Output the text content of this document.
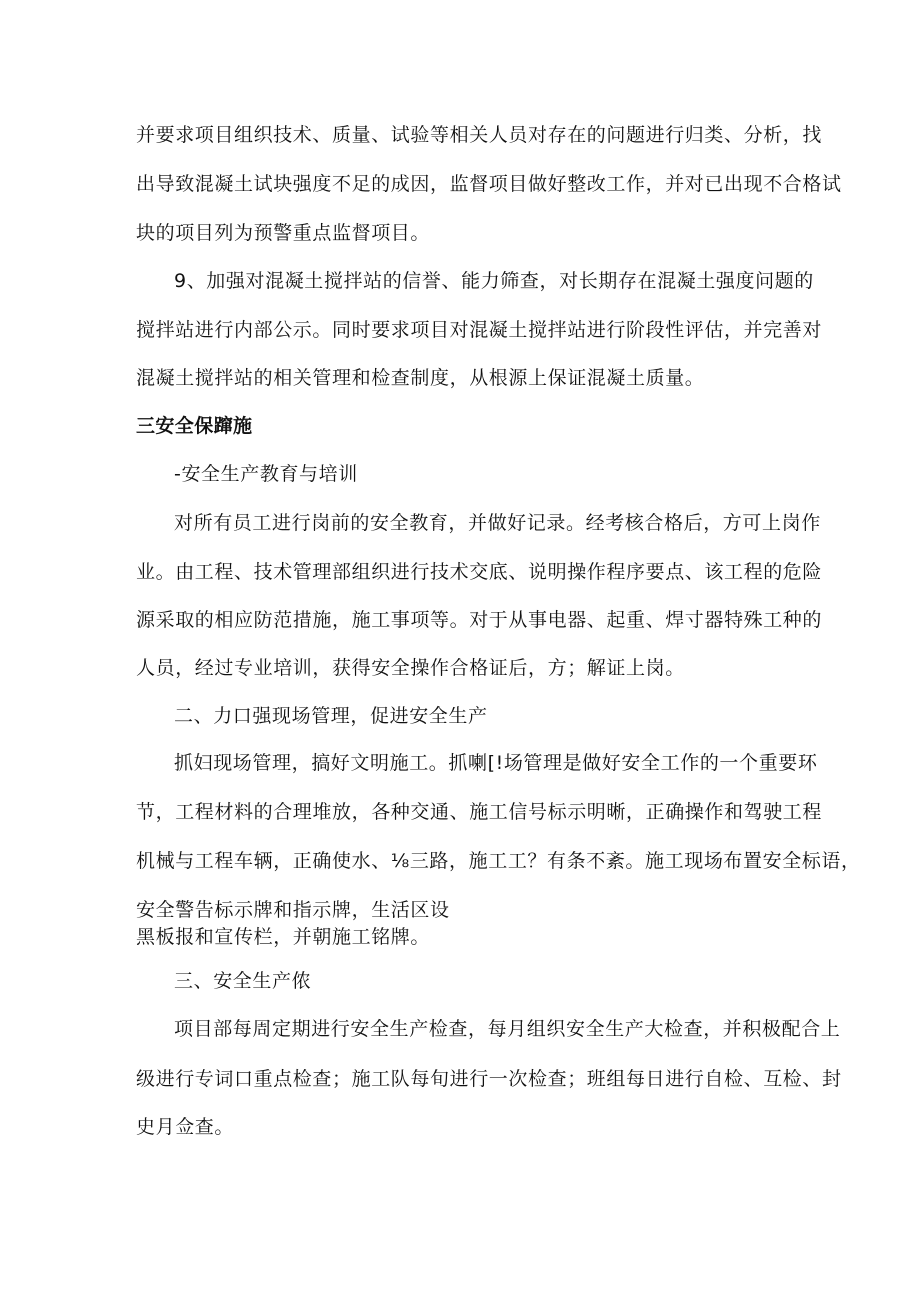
并要求项目组织技术、质量、试验等相关人员对存在的问题进行归类、分析，找
出导致混凝土试块强度不足的成因，监督项目做好整改工作，并对已出现不合格试
块的项目列为预警重点监督项目。
9、加强对混凝土搅拌站的信誉、能力筛查，对长期存在混凝土强度问题的
搅拌站进行内部公示。同时要求项目对混凝土搅拌站进行阶段性评估，并完善对
混凝土搅拌站的相关管理和检查制度，从根源上保证混凝土质量。
三安全保蹿施
-安全生产教育与培训
对所有员工进行岗前的安全教育，并做好记录。经考核合格后，方可上岗作
业。由工程、技术管理部组织进行技术交底、说明操作程序要点、该工程的危险
源采取的相应防范措施，施工事项等。对于从事电器、起重、焊寸器特殊工种的
人员，经过专业培训，获得安全操作合格证后，方；解证上岗。
二、力口强现场管理，促进安全生产
抓妇现场管理，搞好文明施工。抓喇[!场管理是做好安全工作的一个重要环
节，工程材料的合理堆放，各种交通、施工信号标示明晰，正确操作和驾驶工程
机械与工程车辆，正确使水、⅛三路，施工工？有条不紊。施工现场布置安全标语，
安全警告标示牌和指示牌，生活区设
黑板报和宣传栏，并朝施工铭牌。
三、安全生产侬
项目部每周定期进行安全生产检查，每月组织安全生产大检查，并积极配合上
级进行专词口重点检查；施工队每旬进行一次检查；班组每日进行自检、互检、封
史月佥查。
